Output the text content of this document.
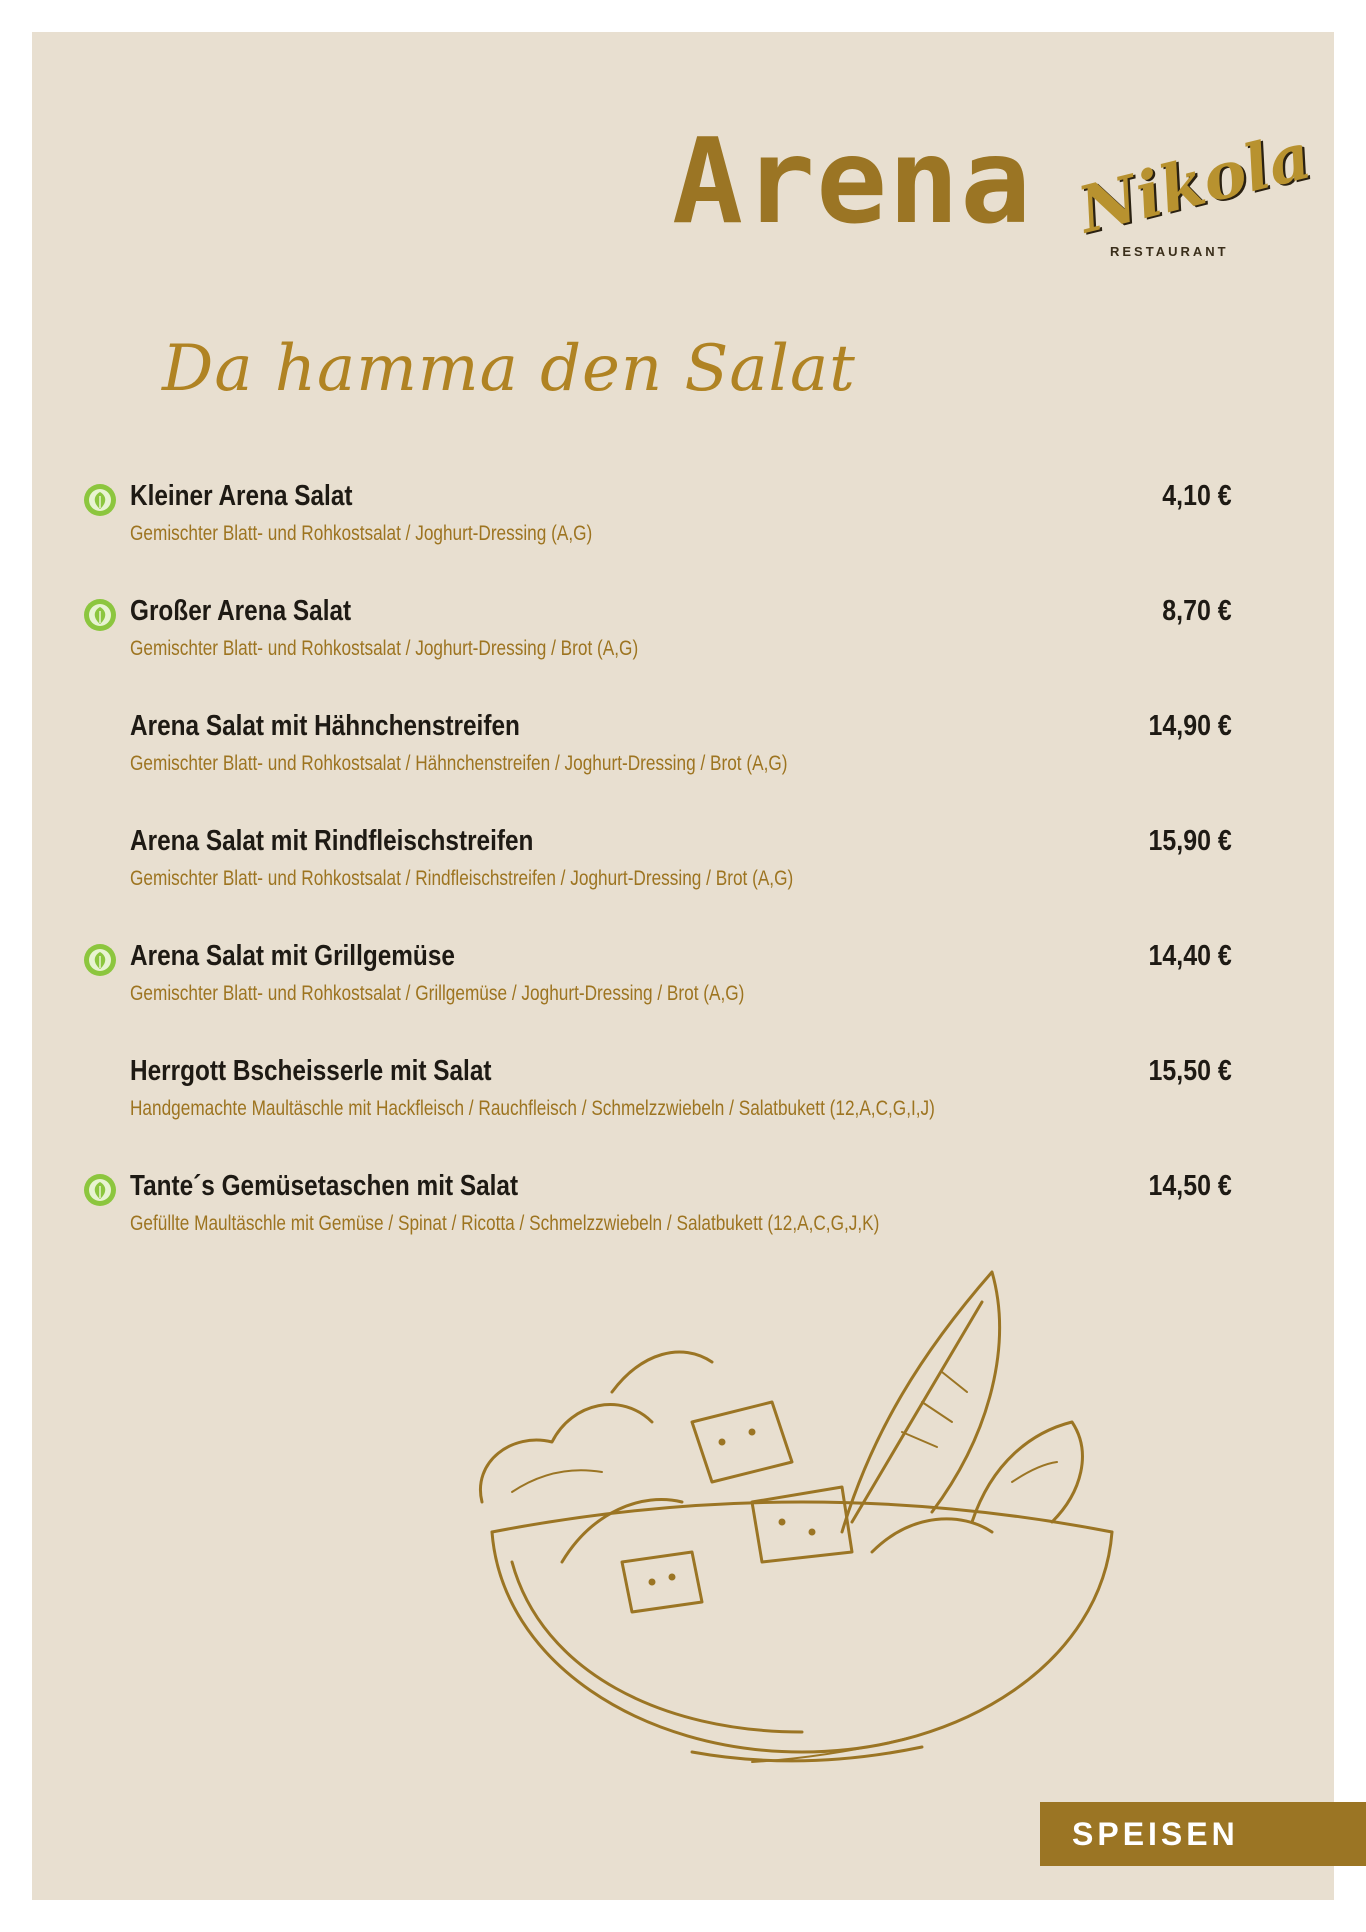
Arena Nikola
RESTAURANT
Da hamma den Salat
Kleiner Arena Salat
Gemischter Blatt- und Rohkostsalat / Joghurt-Dressing (A,G)
4,10 €
Großer Arena Salat
Gemischter Blatt- und Rohkostsalat / Joghurt-Dressing / Brot (A,G)
8,70 €
Arena Salat mit Hähnchenstreifen
Gemischter Blatt- und Rohkostsalat / Hähnchenstreifen / Joghurt-Dressing / Brot (A,G)
14,90 €
Arena Salat mit Rindfleischstreifen
Gemischter Blatt- und Rohkostsalat / Rindfleischstreifen / Joghurt-Dressing / Brot (A,G)
15,90 €
Arena Salat mit Grillgemüse
Gemischter Blatt- und Rohkostsalat / Grillgemüse / Joghurt-Dressing / Brot (A,G)
14,40 €
Herrgott Bscheisserle mit Salat
Handgemachte Maultäschle mit Hackfleisch / Rauchfleisch / Schmelzzwiebeln / Salatbukett (12,A,C,G,I,J)
15,50 €
Tante´s Gemüsetaschen mit Salat
Gefüllte Maultäschle mit Gemüse / Spinat / Ricotta / Schmelzzwiebeln / Salatbukett (12,A,C,G,J,K)
14,50 €
SPEISEN
